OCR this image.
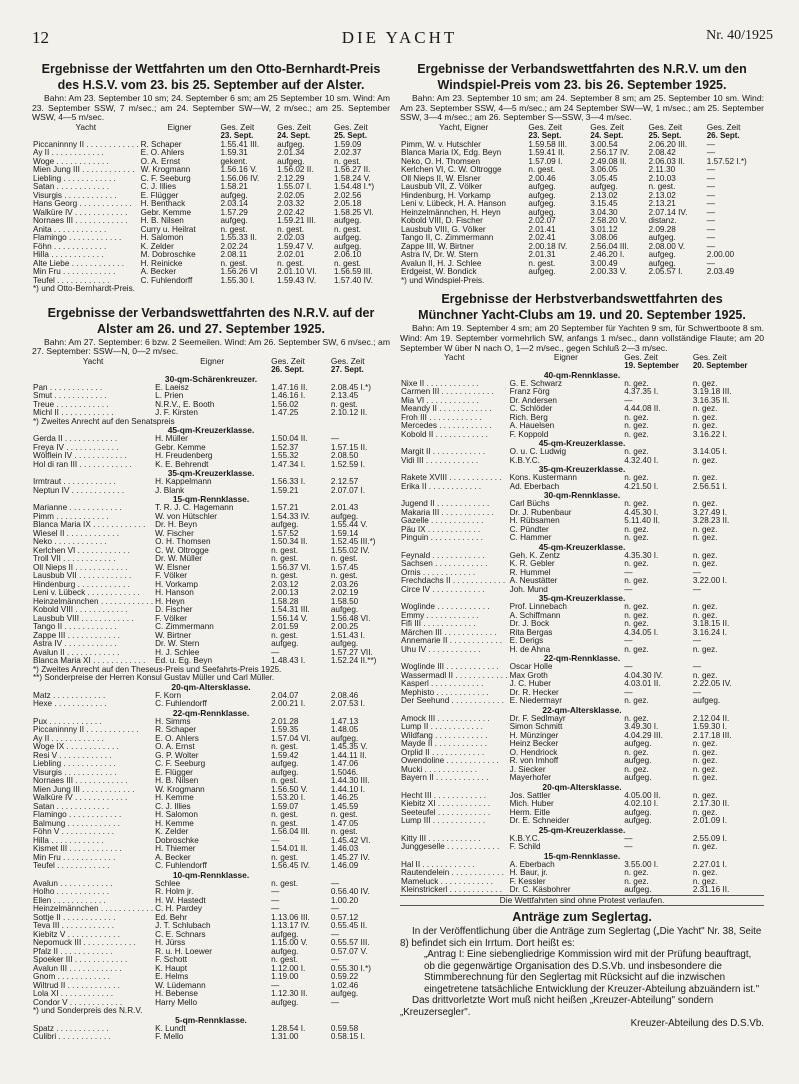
12	DIE YACHT	Nr. 40/1925
Ergebnisse der Wettfahrten um den Otto-Bernhardt-Preis
des H.S.V. vom 23. bis 25. September auf der Alster.

Bahn: Am 23. September 10 sm; 24. September 6 sm; am 25 September 10 sm. Wind: Am 23. September SSW, 7 m/sec.; am 24. September SW—W, 2 m/sec.; am 25. September WSW, 4—5 m/sec.

Yacht	Eigner	Ges. Zeit	Ges. Zeit	Ges. Zeit
		23. Sept.	24. Sept.	25. Sept.
Piccaninnny II . . . . . . . . . . . .	R. Schaper	1.55.41 III.	aufgeg.	1.59.09
Ay II . . . . . . . . . . . .	E. O. Ahlers	1.59.31	2.01.34	2.02.37
Woge . . . . . . . . . . . .	O. A. Ernst	gekent.	aufgeg.	n. gest.
Mien Jung III . . . . . . . . . . . .	W. Krogmann	1.56.16 V.	1.56.02 II.	1.56.27 II.
Liebling . . . . . . . . . . . .	C. F. Seeburg	1.56.06 IV.	2.12.29	1.58.24 V.
Satan . . . . . . . . . . . .	C. J. Illies	1.58.21	1.55.07 I.	1.54.48 I.*)
Visurgis . . . . . . . . . . . .	E. Flügger	aufgeg.	2.02.05	2.02.56
Hans Georg . . . . . . . . . . . .	H. Benthack	2.03.14	2.03.32	2.05.18
Walküre IV . . . . . . . . . . . .	Gebr. Kemme	1.57.29	2.02.42	1.58.25 VI.
Nornaes III . . . . . . . . . . . .	H. B. Nilsen	aufgeg.	1.59.21 III.	aufgeg.
Anita . . . . . . . . . . . .	Curry u. Heilrat	n. gest.	n. gest.	n. gest.
Flamingo . . . . . . . . . . . .	H. Salomon	1.55.33 II.	2.02.03	aufgeg.
Föhn . . . . . . . . . . . .	K. Zelder	2.02.24	1.59.47 V.	aufgeg.
Hilla . . . . . . . . . . . .	M. Dobroschke	2.08.11	2.02.01	2.06.10
Alte Liebe . . . . . . . . . . . .	H. Reinicke	n. gest.	n. gest.	n. gest.
Min Fru . . . . . . . . . . . .	A. Becker	1.56.26 VI	2.01.10 VI.	1.56.59 III.
Teufel . . . . . . . . . . . .	C. Fuhlendorff	1.55.30 I.	1.59.43 IV.	1.57.40 IV.
*) und Otto-Bernhardt-Preis.				
Ergebnisse der Verbandswettfahrten des N.R.V. auf der
Alster am 26. und 27. September 1925.

Bahn: Am 27. September: 6 bzw. 2 Seemeilen. Wind: Am 26. September SW, 6 m/sec.; am 27. September: SSW—N, 0—2 m/sec.

Yacht	Eigner	Ges. Zeit	Ges. Zeit
		26. Sept.	27. Sept.
30-qm-Schärenkreuzer.			
Pan . . . . . . . . . . . .	E. Laeisz	1.47.16 II.	2.08.45 I.*)
Smut . . . . . . . . . . . .	L. Prien	1.46.16 I.	2.13.45
Treue . . . . . . . . . . . .	N.R.V., E. Booth	1.56.02	n. gest.
Michl II . . . . . . . . . . . .	J. F. Kirsten	1.47.25	2.10.12 II.
*) Zweites Anrecht auf den Senatspreis			
45-qm-Kreuzerklasse.			
Gerda II . . . . . . . . . . . .	H. Müller	1.50.04 II.	—
Freya IV . . . . . . . . . . . .	Gebr. Kemme	1.52.37	1.57.15 II.
Wölflein IV . . . . . . . . . . . .	H. Freudenberg	1.55.32	2.08.50
Hol di ran III . . . . . . . . . . . .	K. E. Behrendt	1.47.34 I.	1.52.59 I.
35-qm-Kreuzerklasse.			
Irmtraut . . . . . . . . . . . .	H. Kappelmann	1.56.33 I.	2.12.57
Neptun IV . . . . . . . . . . . .	J. Blank	1.59.21	2.07.07 I.
15-qm-Rennklasse.			
Marianne . . . . . . . . . . . .	T. R. J. C. Hagemann	1.57.21	2.01.43
Pimm . . . . . . . . . . . .	W. von Hütschler	1.54.33 IV.	aufgeg.
Blanca Maria IX . . . . . . . . . . . .	Dr. H. Beyn	aufgeg.	1.55.44 V.
Wiesel II . . . . . . . . . . . .	W. Fischer	1.57.52	1.59.14
Neko . . . . . . . . . . . .	O. H. Thomsen	1.50.34 II.	1.52.45 III.*)
Kerlchen VI . . . . . . . . . . . .	C. W. Oltrogge	n. gest.	1.55.02 IV.
Troll VII . . . . . . . . . . . .	Dr. W. Müller	n. gest.	n. gest.
Oll Nieps II . . . . . . . . . . . .	W. Elsner	1.56.37 VI.	1.57.45
Lausbub VII . . . . . . . . . . . .	F. Völker	n. gest.	n. gest.
Hindenburg . . . . . . . . . . . .	H. Vorkamp	2.03.12	2.03.26
Leni v. Lübeck . . . . . . . . . . . .	H. Hanson	2.00.13	2.02.19
Heinzelmännchen . . . . . . . . . . . .	H. Heyn	1.58.28	1.58.50
Kobold VIII . . . . . . . . . . . .	D. Fischer	1.54.31 III.	aufgeg.
Lausbub VIII . . . . . . . . . . . .	F. Völker	1.56.14 V.	1.56.48 VI.
Tango II . . . . . . . . . . . .	C. Zimmermann	2.01.59	2.00.25
Zappe III . . . . . . . . . . . .	W. Birtner	n. gest.	1.51.43 I.
Astra IV . . . . . . . . . . . .	Dr. W. Stern	aufgeg.	aufgeg.
Avalun II . . . . . . . . . . . .	H. J. Schlee	—	1.57.27 VII.
Blanca Maria XI . . . . . . . . . . . .	Ed. u. Eg. Beyn	1.48.43 I.	1.52.24 II.**)
*) Zweites Anrecht auf den Theseus-Preis und Seefahrts-Preis 1925.			
**) Sonderpreise der Herren Konsul Gustav Müller und Carl Müller.			
20-qm-Altersklasse.			
Matz . . . . . . . . . . . .	F. Korn	2.04.07	2.08.46
Hexe . . . . . . . . . . . .	C. Fuhlendorff	2.00.21 I.	2.07.53 I.
22-qm-Rennklasse.			
Pux . . . . . . . . . . . .	H. Simms	2.01.28	1.47.13
Piccaninnny II . . . . . . . . . . . .	R. Schaper	1.59.35	1.48.05
Ay II . . . . . . . . . . . .	E. O. Ahlers	1.57.04 VI.	aufgeg.
Woge IX . . . . . . . . . . . .	O. A. Ernst	n. gest.	1.45.35 V.
Resi V . . . . . . . . . . . .	G. P. Wolter	1.59.42	1.44.11 II.
Liebling . . . . . . . . . . . .	C. F. Seeburg	aufgeg.	1.47.06
Visurgis . . . . . . . . . . . .	E. Flügger	aufgeg.	1.5046.
Nornaes III . . . . . . . . . . . .	H. B. Nilsen	n. gest.	1.44.30 III.
Mien Jung III . . . . . . . . . . . .	W. Krogmann	1.56.50 V.	1.44.10 I.
Walküre IV . . . . . . . . . . . .	H. Kemme	1.53.20 I.	1.46.25
Satan . . . . . . . . . . . .	C. J. Illies	1.59.07	1.45.59
Flamingo . . . . . . . . . . . .	H. Salomon	n. gest.	n. gest.
Balmung . . . . . . . . . . . .	H. Kemme	n. gest.	1.47.05
Föhn V . . . . . . . . . . . .	K. Zelder	1.56.04 III.	n. gest.
Hilla . . . . . . . . . . . .	Dobroschke	—	1.45.42 VI.
Kismet III . . . . . . . . . . . .	H. Thiemer	1.54.01 II.	1.46.03
Min Fru . . . . . . . . . . . .	A. Becker	n. gest.	1.45.27 IV.
Teufel . . . . . . . . . . . .	C. Fuhlendorff	1.56.45 IV.	1.46.09
10-qm-Rennklasse.			
Avalun . . . . . . . . . . . .	Schlee	n. gest.	—
Holho . . . . . . . . . . . .	R. Holm jr.	—	0.56.40 IV.
Ellen . . . . . . . . . . . .	H. W. Hastedt	—	1.00.20
Heinzelmännchen . . . . . . . . . . . .	C. H. Pardey	—	—
Sottje II . . . . . . . . . . . .	Ed. Behr	1.13.06 III.	0.57.12
Teva III . . . . . . . . . . . .	J. T. Schlubach	1.13.17 IV.	0.55.45 II.
Kiebitz V . . . . . . . . . . . .	C. E. Schnars	aufgeg.	—
Nepomuck III . . . . . . . . . . . .	H. Jürss	1.15.00 V.	0.55.57 III.
Pfalz II . . . . . . . . . . . .	R. u. H. Loewer	aufgeg.	0.57.07 V.
Spoeker III . . . . . . . . . . . .	F. Schott	n. gest.	—
Avalun III . . . . . . . . . . . .	K. Haupt	1.12.00 I.	0.55.30 I.*)
Gnom . . . . . . . . . . . .	E. Helms	1.19.00	0.59.22
Wiltrud II . . . . . . . . . . . .	W. Lüdemann	—	1.02.46
Lola XI . . . . . . . . . . . .	H. Bebense	1.12.30 II.	aufgeg.
Condor V . . . . . . . . . . . .	Harry Mello	aufgeg.	—
*) und Sonderpreis des N.R.V.			
5-qm-Rennklasse.			
Spatz . . . . . . . . . . . .	K. Lundt	1.28.54 I.	0.59.58
Culibri . . . . . . . . . . . .	F. Mello	1.31.00	0.58.15 I.
Ergebnisse der Verbandswettfahrten des N.R.V. um den
Windspiel-Preis vom 23. bis 26. September 1925.

Bahn: Am 23. September 10 sm; am 24. September 8 sm; am 25. September 10 sm. Wind: Am 23. September SSW, 4—5 m/sec.; am 24 September SW—W, 1 m/sec.; am 25. September SSW, 3—4 m/sec.; am 26. September S—SSW, 3—4 m/sec.

Yacht, Eigner	Ges. Zeit	Ges. Zeit	Ges. Zeit	Ges. Zeit
	23. Sept.	24. Sept.	25. Sept.	26. Sept.
Pimm, W. v. Hutschler	1.59.58 III.	3.00.54	2.06.20 III.	—
Blanca Maria IX, Edg. Beyn	1.59.41 II.	2.56.17 IV.	2.08.42	—
Neko, O. H. Thomsen	1.57.09 I.	2.49.08 II.	2.06.03 II.	1.57.52 I.*)
Kerlchen VI, C. W. Oltrogge	n. gest.	3.06.05	2.11.30	—
Oll Nieps II, W. Elsner	2.00.46	3.05.45	2.10.03	—
Lausbub VII, Z. Völker	aufgeg.	aufgeg.	n. gest.	—
Hindenburg, H. Vorkamp	aufgeg.	2.13.02	2.13.02	—
Leni v. Lübeck, H. A. Hanson	aufgeg.	3.15.45	2.13.21	—
Heinzelmännchen, H. Heyn	aufgeg.	3.04.30	2.07.14 IV.	—
Kobold VIII, D. Fischer	2.02.07	2.58.20 V.	distanz.	—
Lausbub VIII, G. Völker	2.01.41	3.01.12	2.09.28	—
Tango II, C. Zimmermann	2.02.41	3.08.06	aufgeg.	—
Zappe III, W. Birtner	2.00.18 IV.	2.56.04 III.	2.08.00 V.	—
Astra IV, Dr. W. Stern	2.01.31	2.46.20 I.	aufgeg.	2.00.00
Avalun II, H. J. Schlee	n. gest.	3.00.49	aufgeg.	—
Erdgeist, W. Bondick	aufgeg.	2.00.33 V.	2.05.57 I.	2.03.49
*) und Windspiel-Preis.				
Ergebnisse der Herbstverbandswettfahrten des
Münchner Yacht-Clubs am 19. und 20. September 1925.

Bahn: Am 19. September 4 sm; am 20 September für Yachten 9 sm, für Schwertboote 8 sm. Wind: Am 19. September vormehrlich SW, anfangs 1 m/sec., dann vollständige Flaute; am 20 September W über N nach O, 1—2 m/sec., gegen Schluß 2—3 m/sec.

Yacht	Eigner	Ges. Zeit	Ges. Zeit
		19. September	20. September
40-qm-Rennklasse.			
Nixe II . . . . . . . . . . . .	G. E. Schwarz	n. gez.	n. gez.
Carmen III . . . . . . . . . . . .	Franz Förg	4.37.35 I.	3.19.18 III.
Mia VI . . . . . . . . . . . .	Dr. Andersen	—	3.16.35 II.
Meandy II . . . . . . . . . . . .	C. Schlöder	4.44.08 II.	n. gez.
Froh III . . . . . . . . . . . .	Rich. Berg	n. gez.	n. gez.
Mercedes . . . . . . . . . . . .	A. Hauelsen	n. gez.	n. gez.
Kobold II . . . . . . . . . . . .	F. Koppold	n. gez.	3.16.22 I.
45-qm-Kreuzerklasse.			
Margit II . . . . . . . . . . . .	O. u. C. Ludwig	n. gez.	3.14.05 I.
Vidi III . . . . . . . . . . . .	K.B.Y.C.	4.32.40 I.	n. gez.
35-qm-Kreuzerklasse.			
Rakete XVIII . . . . . . . . . . . .	Kons. Kustermann	n. gez.	n. gez.
Erika II . . . . . . . . . . . .	Ad. Eberbach	4.21.50 I.	2.56.51 I.
30-qm-Rennklasse.			
Jugend II . . . . . . . . . . . .	Carl Büchs	n. gez.	n. gez.
Makaria III . . . . . . . . . . . .	Dr. J. Rubenbaur	4.45.30 I.	3.27.49 I.
Gazelle . . . . . . . . . . . .	H. Rübsamen	5.11.40 II.	3.28.23 II.
Päu IX . . . . . . . . . . . .	C. Pündter	n. gez.	n. gez.
Pinguin . . . . . . . . . . . .	C. Hammer	n. gez.	n. gez.
45-qm-Kreuzerklasse.			
Feynald . . . . . . . . . . . .	Geh. K. Zentz	4.35.30 I.	n. gez.
Sachsen . . . . . . . . . . . .	K. R. Gebler	n. gez.	n. gez.
Ornis . . . . . . . . . . . .	R. Hummel	—	—
Frechdachs II . . . . . . . . . . . .	A. Neustätter	n. gez.	3.22.00 I.
Circe IV . . . . . . . . . . . .	Joh. Mund	—	—
35-qm-Kreuzerklasse.			
Woglinde . . . . . . . . . . . .	Prof. Linnebach	n. gez.	n. gez.
Emmy . . . . . . . . . . . .	A. Schiffmann	n. gez.	n. gez.
Fifi III . . . . . . . . . . . .	Dr. J. Bock	n. gez.	3.18.15 II.
Märchen III . . . . . . . . . . . .	Rita Bergas	4.34.05 I.	3.16.24 I.
Annemarie II . . . . . . . . . . . .	E. Derigs	—	—
Uhu IV . . . . . . . . . . . .	H. de Ahna	n. gez.	n. gez.
22-qm-Rennklasse.			
Woglinde III . . . . . . . . . . . .	Oscar Holle	—	—
Wassermadl II . . . . . . . . . . . .	Max Groth	4.04.30 IV.	n. gez.
Kasperl . . . . . . . . . . . .	J. C. Huber	4.03.01 II.	2.22.05 IV.
Mephisto . . . . . . . . . . . .	Dr. R. Hecker	—	—
Der Seehund . . . . . . . . . . . .	E. Niedermayr	n. gez.	aufgeg.
22-qm-Altersklasse.			
Amock III . . . . . . . . . . . .	Dr. F. Sedlmayr	n. gez.	2.12.04 II.
Lump II . . . . . . . . . . . .	Simon Schmitt	3.49.30 I.	1.59.30 I.
Wildfang . . . . . . . . . . . .	H. Münzinger	4.04.29 III.	2.17.18 III.
Mayde II . . . . . . . . . . . .	Heinz Becker	aufgeg.	n. gez.
Orplid II . . . . . . . . . . . .	O. Hendriock	n. gez.	n. gez.
Owendoline . . . . . . . . . . . .	R. von Imhoff	aufgeg.	n. gez.
Mucki . . . . . . . . . . . .	J. Siecker	n. gez.	n. gez.
Bayern II . . . . . . . . . . . .	Mayerhofer	aufgeg.	n. gez.
20-qm-Altersklasse.			
Hecht III . . . . . . . . . . . .	Jos. Sattler	4.05.00 II.	n. gez.
Kiebitz XI . . . . . . . . . . . .	Mich. Huber	4.02.10 I.	2.17.30 II.
Seeteufel . . . . . . . . . . . .	Herm. Eitle	aufgeg.	n. gez.
Lump III . . . . . . . . . . . .	Dr. E. Schneider	aufgeg.	2.01.09 I.
25-qm-Kreuzerklasse.			
Kitty III . . . . . . . . . . . .	K.B.Y.C.	—	2.55.09 I.
Junggeselle . . . . . . . . . . . .	F. Schild	—	n. gez.
15-qm-Rennklasse.			
Hal II . . . . . . . . . . . .	A. Eberbach	3.55.00 I.	2.27.01 I.
Rautendelein . . . . . . . . . . . .	H. Baur, jr.	n. gez.	n. gez.
Mameluck . . . . . . . . . . . .	F. Kessler	n. gez.	n. gez.
Kleinstrickerl . . . . . . . . . . . .	Dr. C. Käsbohrer	aufgeg.	2.31.16 II.
Die Wettfahrten sind ohne Protest verlaufen.			
Anträge zum Seglertag.

In der Veröffentlichung über die Anträge zum Seglertag („Die Yacht" Nr. 38, Seite 8) befindet sich ein Irrtum. Dort heißt es:

„Antrag I: Eine siebengliedrige Kommission wird mit der Prüfung beauftragt, ob die gegenwärtige Organisation des D.S.Vb. und insbesondere die Stimmberechnung für den Seglertag mit Rücksicht auf die inzwischen eingetretene tatsächliche Entwicklung der Kreuzer-Abteilung abzuändern ist."

Das drittvorletzte Wort muß nicht heißen „Kreuzer-Abteilung" sondern „Kreuzersegler".

Kreuzer-Abteilung des D.S.Vb.
